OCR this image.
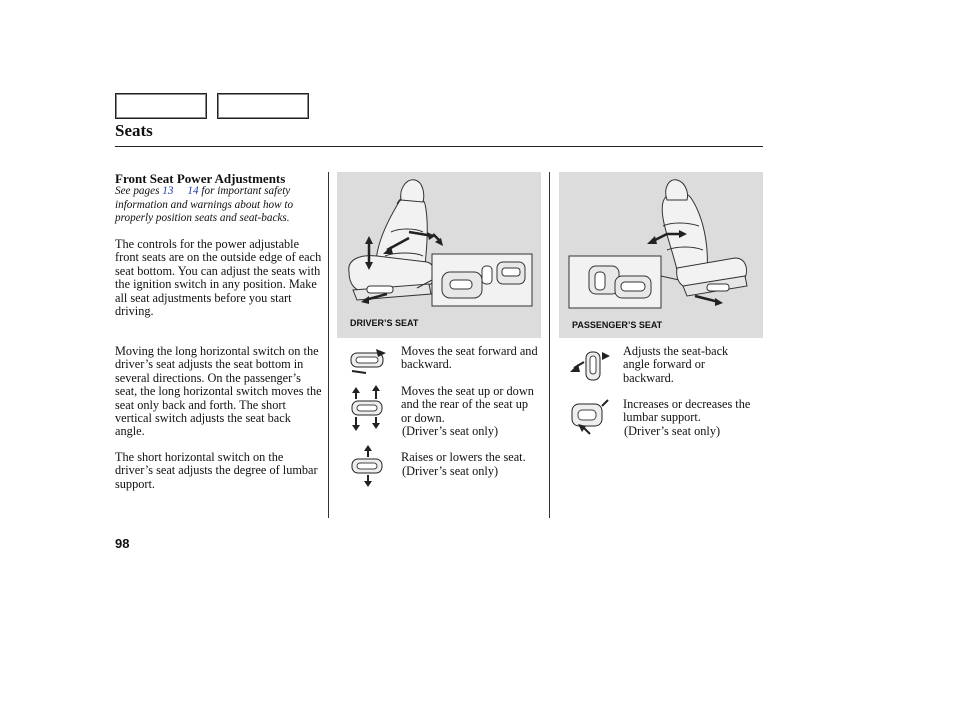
Seats
Front Seat Power Adjustments
See pages 13 14 for important safety information and warnings about how to properly position seats and seat-backs.
The controls for the power adjustable front seats are on the outside edge of each seat bottom. You can adjust the seats with the ignition switch in any position. Make all seat adjustments before you start driving.
Moving the long horizontal switch on the driver’s seat adjusts the seat bottom in several directions. On the passenger’s seat, the long horizontal switch moves the seat only back and forth. The short vertical switch adjusts the seat back angle.
The short horizontal switch on the driver’s seat adjusts the degree of lumbar support.
DRIVER’S SEAT	PASSENGER’S SEAT
Moves the seat forward and backward.
Moves the seat up or down and the rear of the seat up or down.
(Driver’s seat only)
Raises or lowers the seat.
(Driver’s seat only)
Adjusts the seat-back angle forward or backward.
Increases or decreases the lumbar support.
(Driver’s seat only)
98
